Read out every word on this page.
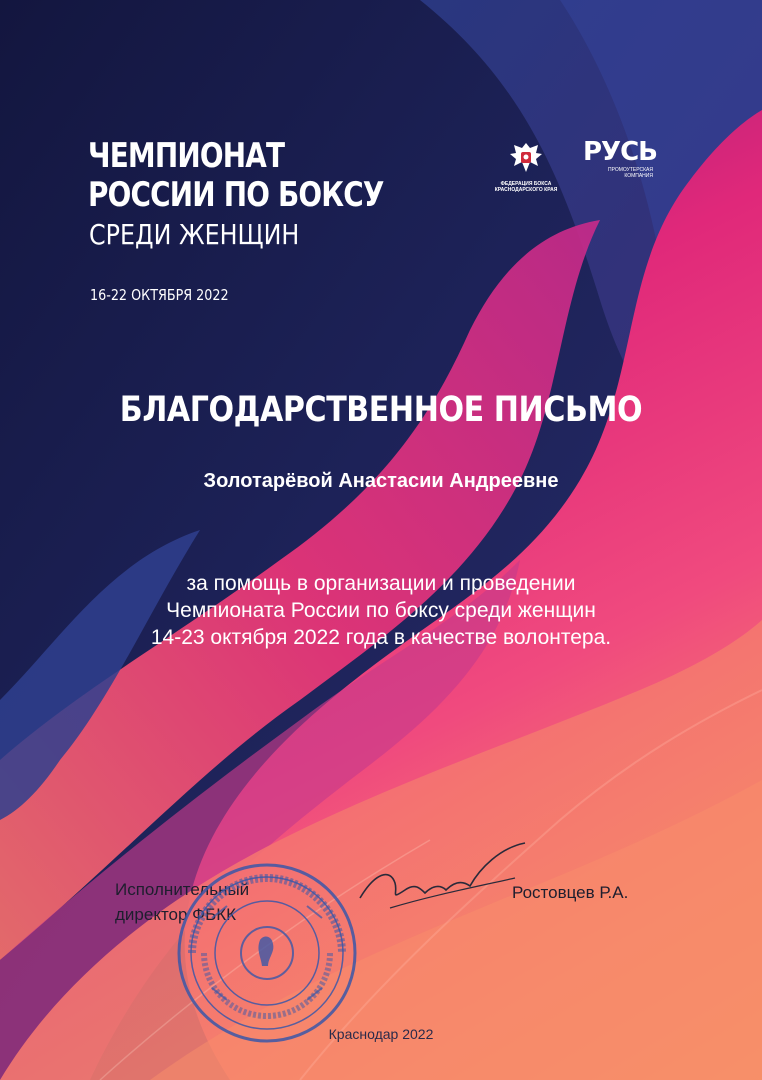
ЧЕМПИОНАТ
РОССИИ ПО БОКСУ
СРЕДИ ЖЕНЩИН
16-22 ОКТЯБРЯ 2022
ФЕДЕРАЦИЯ БОКСА КРАСНОДАРСКОГО КРАЯ
РУСЬ
ПРОМОУТЕРСКАЯ КОМПАНИЯ
БЛАГОДАРСТВЕННОЕ ПИСЬМО
Золотарёвой Анастасии Андреевне
за помощь в организации и проведении
Чемпионата России по боксу среди женщин
14-23 октября 2022 года в качестве волонтера.
Исполнительный
директор ФБКК
Ростовцев Р.А.
Краснодар 2022
